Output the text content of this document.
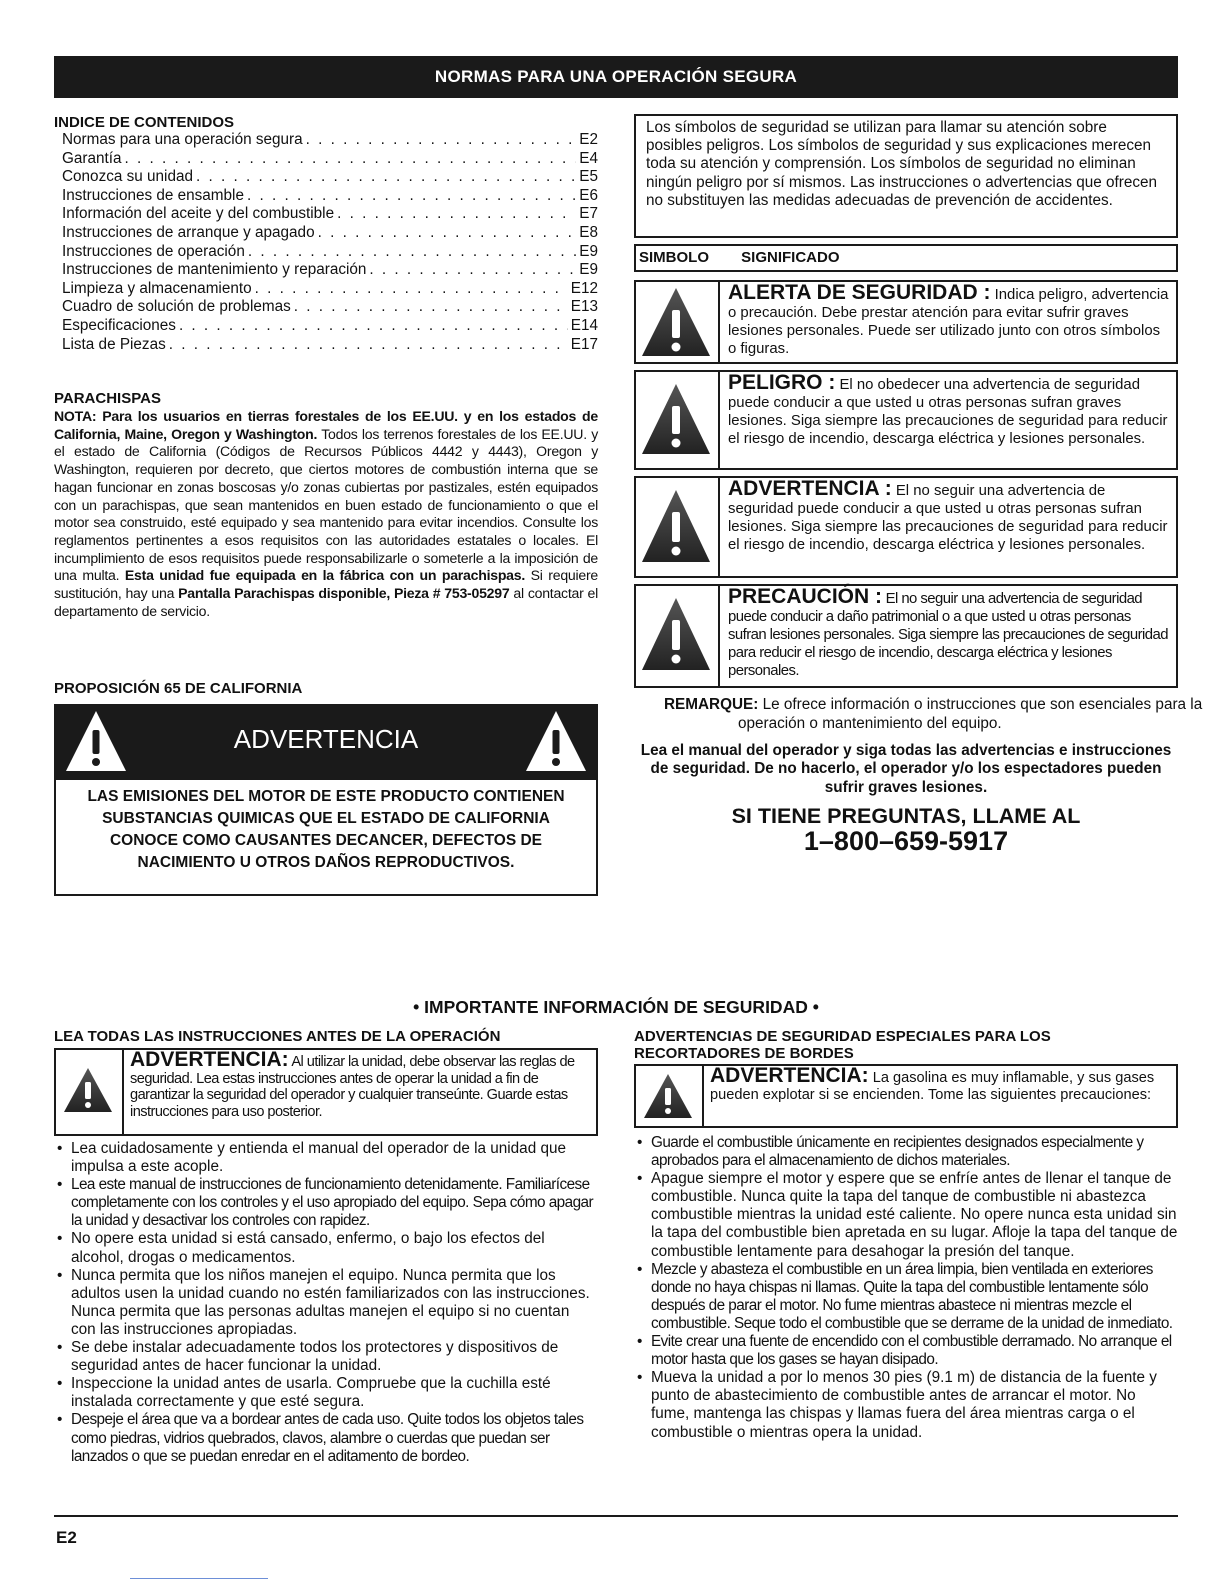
NORMAS PARA UNA OPERACIÓN SEGURA
INDICE DE CONTENIDOS
Normas para una operación segura . . .	E2
Garantía . . .	E4
Conozca su unidad . . .	E5
Instrucciones de ensamble . . .	E6
Información del aceite y del combustible . . .	E7
Instrucciones de arranque y apagado . . .	E8
Instrucciones de operación . . .	E9
Instrucciones de mantenimiento y reparación . . .	E9
Limpieza y almacenamiento . . .	E12
Cuadro de solución de problemas . . .	E13
Especificaciones . . .	E14
Lista de Piezas . . .	E17
PARACHISPAS
NOTA: Para los usuarios en tierras forestales de los EE.UU. y en los estados de California, Maine, Oregon y Washington. Todos los terrenos forestales de los EE.UU. y el estado de California (Códigos de Recursos Públicos 4442 y 4443), Oregon y Washington, requieren por decreto, que ciertos motores de combustión interna que se hagan funcionar en zonas boscosas y/o zonas cubiertas por pastizales, estén equipados con un parachispas, que sean mantenidos en buen estado de funcionamiento o que el motor sea construido, esté equipado y sea mantenido para evitar incendios. Consulte los reglamentos pertinentes a esos requisitos con las autoridades estatales o locales. El incumplimiento de esos requisitos puede responsabilizarle o someterle a la imposición de una multa. Esta unidad fue equipada en la fábrica con un parachispas. Si requiere sustitución, hay una Pantalla Parachispas disponible, Pieza # 753-05297 al contactar el departamento de servicio.
PROPOSICIÓN 65 DE CALIFORNIA
ADVERTENCIA
LAS EMISIONES DEL MOTOR DE ESTE PRODUCTO CONTIENEN SUBSTANCIAS QUIMICAS QUE EL ESTADO DE CALIFORNIA CONOCE COMO CAUSANTES DECANCER, DEFECTOS DE NACIMIENTO U OTROS DAÑOS REPRODUCTIVOS.
Los símbolos de seguridad se utilizan para llamar su atención sobre posibles peligros. Los símbolos de seguridad y sus explicaciones merecen toda su atención y comprensión. Los símbolos de seguridad no eliminan ningún peligro por sí mismos. Las instrucciones o advertencias que ofrecen no substituyen las medidas adecuadas de prevención de accidentes.
SIMBOLO SIGNIFICADO
ALERTA DE SEGURIDAD : Indica peligro, advertencia o precaución. Debe prestar atención para evitar sufrir graves lesiones personales. Puede ser utilizado junto con otros símbolos o figuras.
PELIGRO : El no obedecer una advertencia de seguridad puede conducir a que usted u otras personas sufran graves lesiones. Siga siempre las precauciones de seguridad para reducir el riesgo de incendio, descarga eléctrica y lesiones personales.
ADVERTENCIA : El no seguir una advertencia de seguridad puede conducir a que usted u otras personas sufran lesiones. Siga siempre las precauciones de seguridad para reducir el riesgo de incendio, descarga eléctrica y lesiones personales.
PRECAUCIÓN : El no seguir una advertencia de seguridad puede conducir a daño patrimonial o a que usted u otras personas sufran lesiones personales. Siga siempre las precauciones de seguridad para reducir el riesgo de incendio, descarga eléctrica y lesiones personales.
REMARQUE: Le ofrece información o instrucciones que son esenciales para la operación o mantenimiento del equipo.
Lea el manual del operador y siga todas las advertencias e instrucciones de seguridad. De no hacerlo, el operador y/o los espectadores pueden sufrir graves lesiones.
SI TIENE PREGUNTAS, LLAME AL
1–800–659-5917
• IMPORTANTE INFORMACIÓN DE SEGURIDAD •
LEA TODAS LAS INSTRUCCIONES ANTES DE LA OPERACIÓN
ADVERTENCIA: Al utilizar la unidad, debe observar las reglas de seguridad. Lea estas instrucciones antes de operar la unidad a fin de garantizar la seguridad del operador y cualquier transeúnte. Guarde estas instrucciones para uso posterior.
• Lea cuidadosamente y entienda el manual del operador de la unidad que impulsa a este acople.
• Lea este manual de instrucciones de funcionamiento detenidamente. Familiarícese completamente con los controles y el uso apropiado del equipo. Sepa cómo apagar la unidad y desactivar los controles con rapidez.
• No opere esta unidad si está cansado, enfermo, o bajo los efectos del alcohol, drogas o medicamentos.
• Nunca permita que los niños manejen el equipo. Nunca permita que los adultos usen la unidad cuando no estén familiarizados con las instrucciones. Nunca permita que las personas adultas manejen el equipo si no cuentan con las instrucciones apropiadas.
• Se debe instalar adecuadamente todos los protectores y dispositivos de seguridad antes de hacer funcionar la unidad.
• Inspeccione la unidad antes de usarla. Compruebe que la cuchilla esté instalada correctamente y que esté segura.
• Despeje el área que va a bordear antes de cada uso. Quite todos los objetos tales como piedras, vidrios quebrados, clavos, alambre o cuerdas que puedan ser lanzados o que se puedan enredar en el aditamento de bordeo.
ADVERTENCIAS DE SEGURIDAD ESPECIALES PARA LOS RECORTADORES DE BORDES
ADVERTENCIA: La gasolina es muy inflamable, y sus gases pueden explotar si se encienden. Tome las siguientes precauciones:
• Guarde el combustible únicamente en recipientes designados especialmente y aprobados para el almacenamiento de dichos materiales.
• Apague siempre el motor y espere que se enfríe antes de llenar el tanque de combustible. Nunca quite la tapa del tanque de combustible ni abastezca combustible mientras la unidad esté caliente. No opere nunca esta unidad sin la tapa del combustible bien apretada en su lugar. Afloje la tapa del tanque de combustible lentamente para desahogar la presión del tanque.
• Mezcle y abasteza el combustible en un área limpia, bien ventilada en exteriores donde no haya chispas ni llamas. Quite la tapa del combustible lentamente sólo después de parar el motor. No fume mientras abastece ni mientras mezcle el combustible. Seque todo el combustible que se derrame de la unidad de inmediato.
• Evite crear una fuente de encendido con el combustible derramado. No arranque el motor hasta que los gases se hayan disipado.
• Mueva la unidad a por lo menos 30 pies (9.1 m) de distancia de la fuente y punto de abastecimiento de combustible antes de arrancar el motor. No fume, mantenga las chispas y llamas fuera del área mientras carga o el combustible o mientras opera la unidad.
E2
